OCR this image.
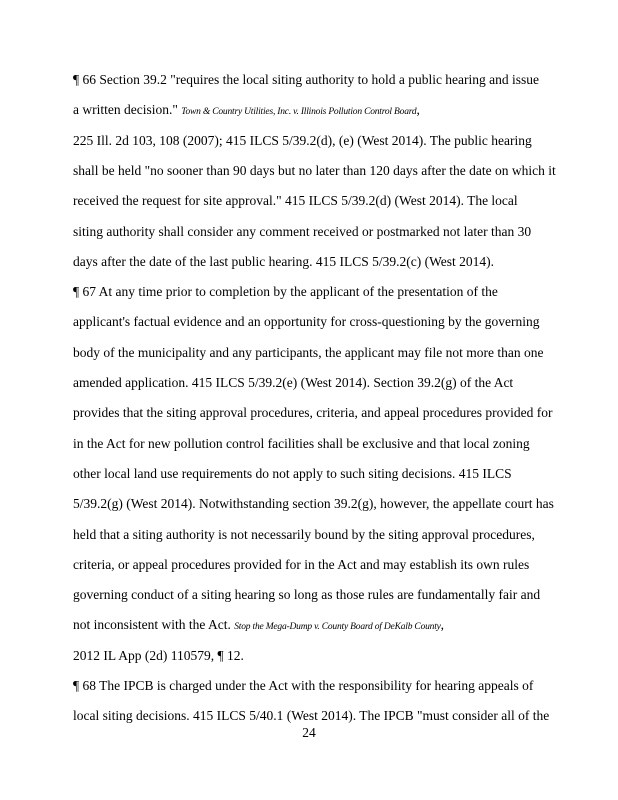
¶ 66 Section 39.2 "requires the local siting authority to hold a public hearing and issue
a written decision." Town & Country Utilities, Inc. v. Illinois Pollution Control Board,
225 Ill. 2d 103, 108 (2007); 415 ILCS 5/39.2(d), (e) (West 2014). The public hearing
shall be held "no sooner than 90 days but no later than 120 days after the date on which it
received the request for site approval." 415 ILCS 5/39.2(d) (West 2014). The local
siting authority shall consider any comment received or postmarked not later than 30
days after the date of the last public hearing. 415 ILCS 5/39.2(c) (West 2014).
¶ 67 At any time prior to completion by the applicant of the presentation of the
applicant's factual evidence and an opportunity for cross-questioning by the governing
body of the municipality and any participants, the applicant may file not more than one
amended application. 415 ILCS 5/39.2(e) (West 2014). Section 39.2(g) of the Act
provides that the siting approval procedures, criteria, and appeal procedures provided for
in the Act for new pollution control facilities shall be exclusive and that local zoning
other local land use requirements do not apply to such siting decisions. 415 ILCS
5/39.2(g) (West 2014). Notwithstanding section 39.2(g), however, the appellate court has
held that a siting authority is not necessarily bound by the siting approval procedures,
criteria, or appeal procedures provided for in the Act and may establish its own rules
governing conduct of a siting hearing so long as those rules are fundamentally fair and
not inconsistent with the Act. Stop the Mega-Dump v. County Board of DeKalb County,
2012 IL App (2d) 110579, ¶ 12.
¶ 68 The IPCB is charged under the Act with the responsibility for hearing appeals of
local siting decisions. 415 ILCS 5/40.1 (West 2014). The IPCB "must consider all of the
24
